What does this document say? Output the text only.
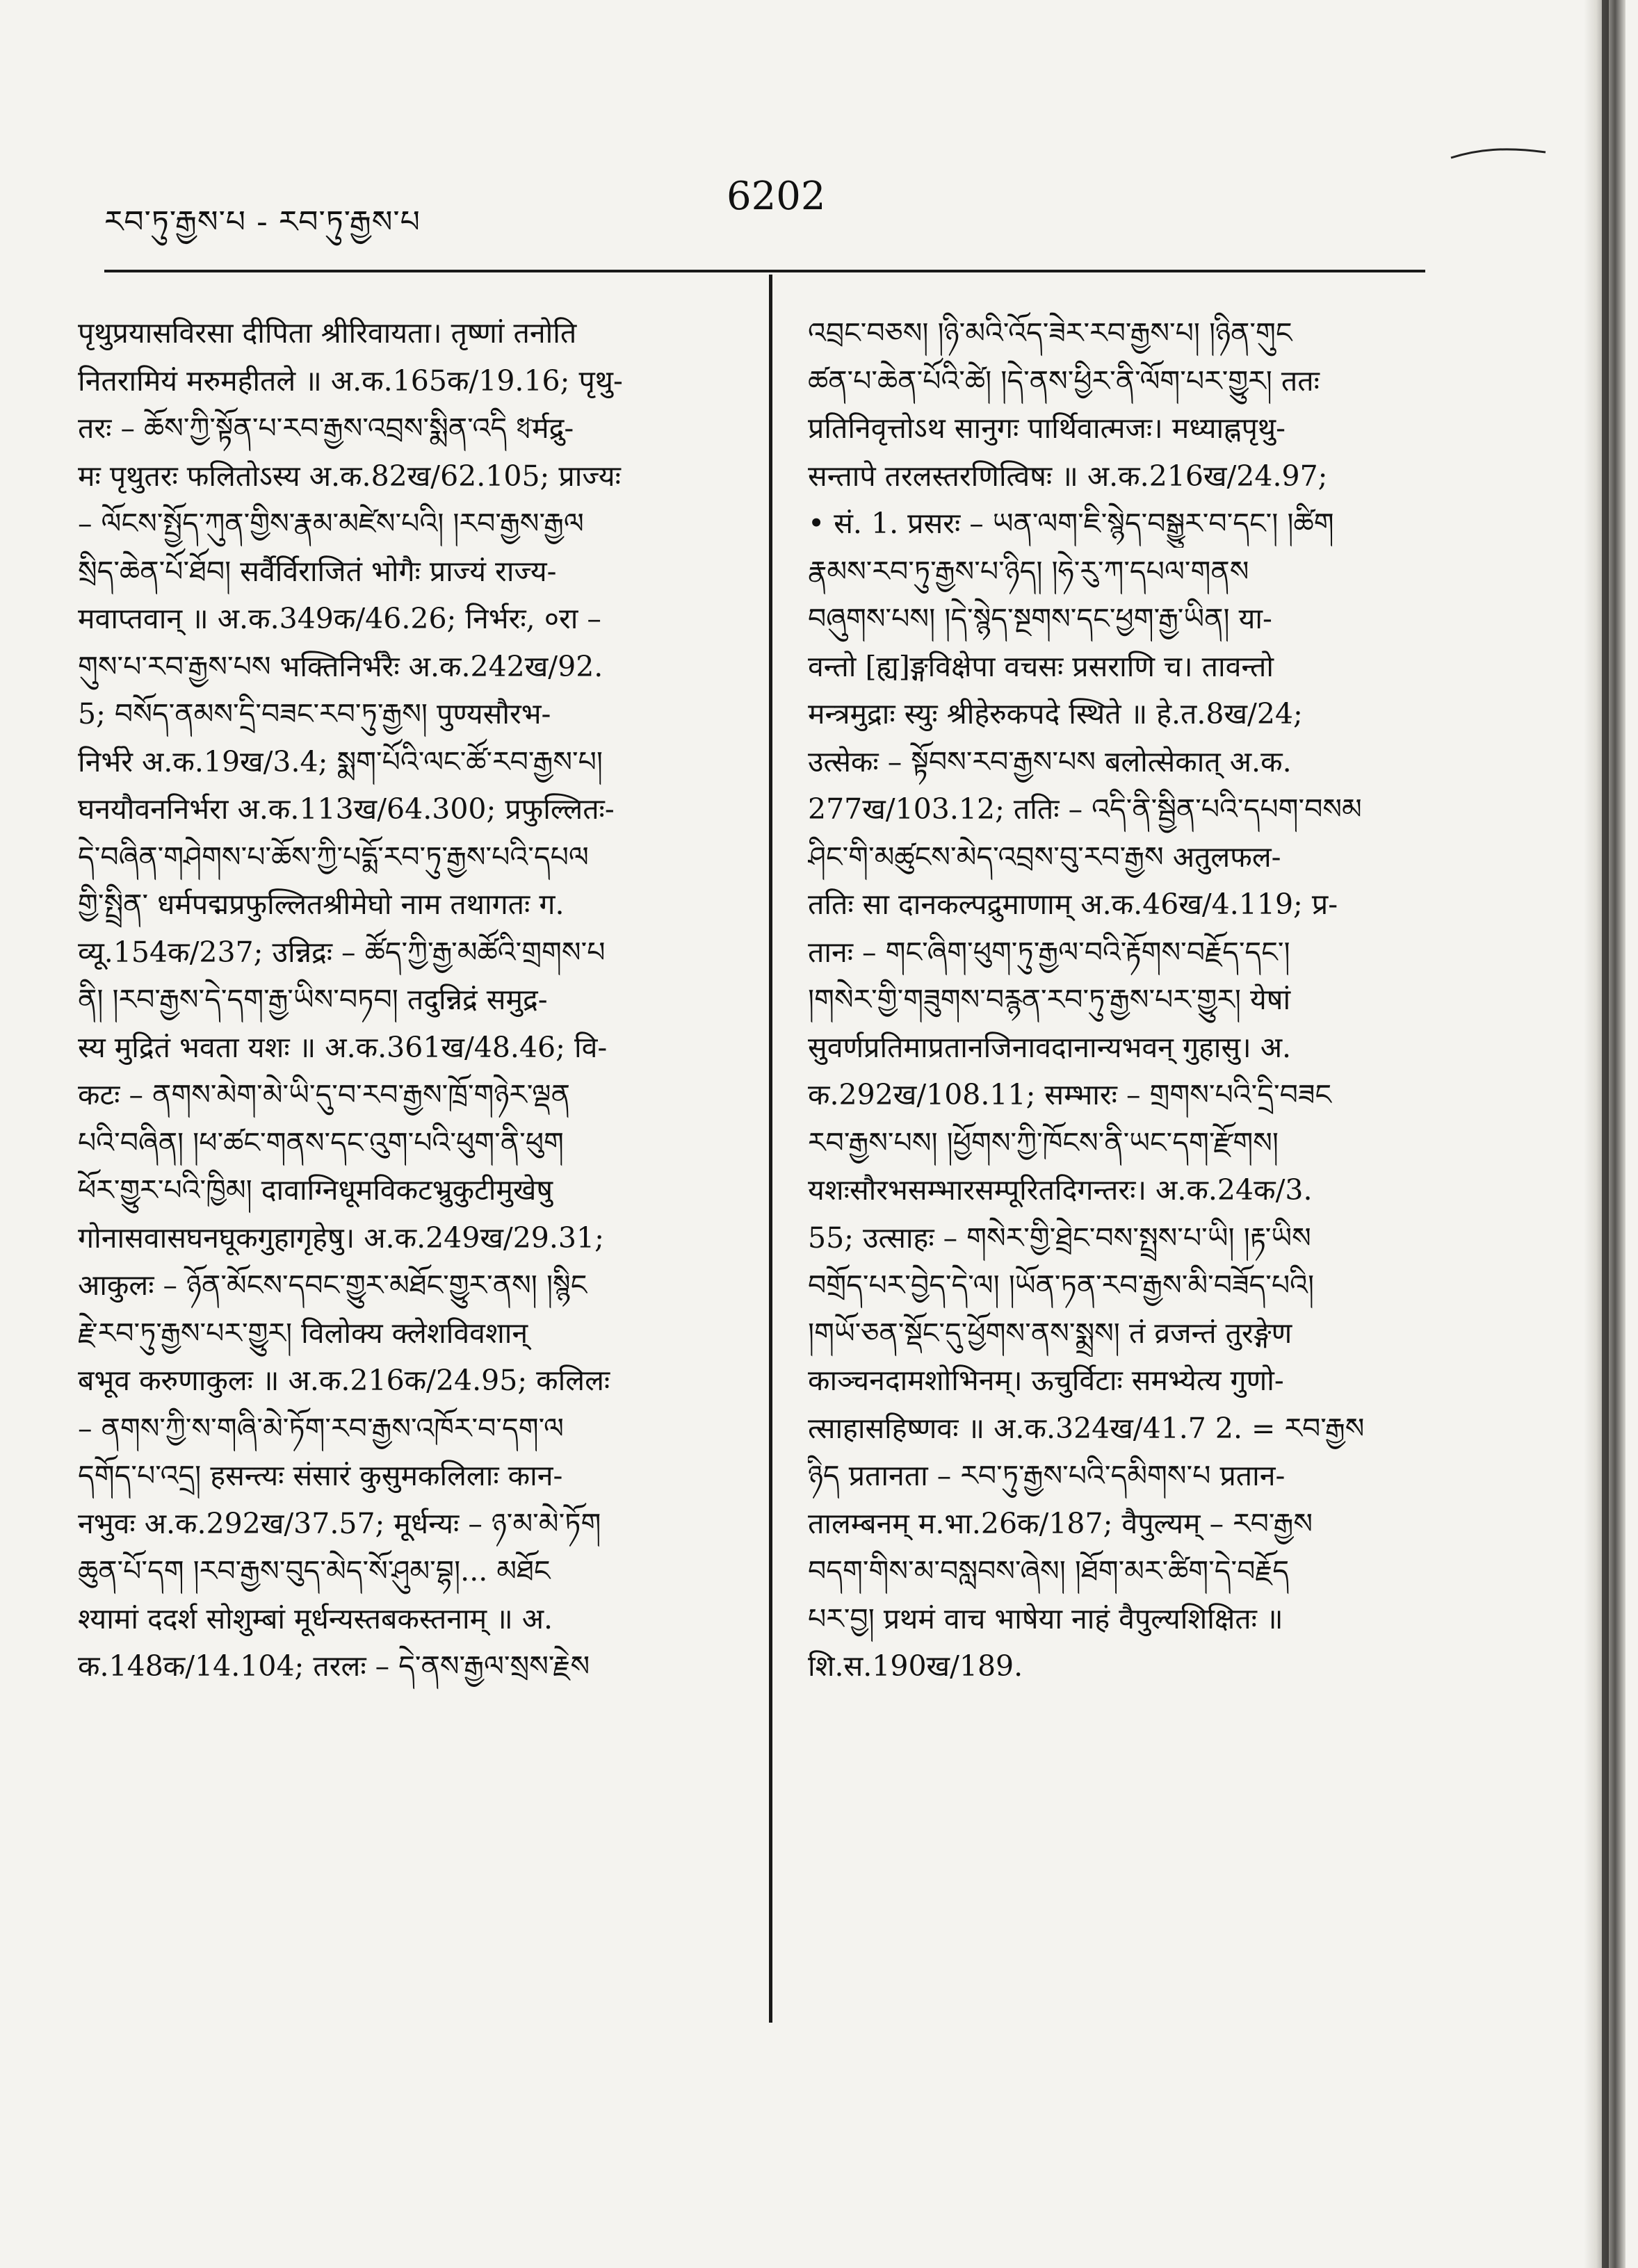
རབ་ཏུ་རྒྱས་པ - རབ་ཏུ་རྒྱས་པ
6202
पृथुप्रयासविरसा दीपिता श्रीरिवायता। तृष्णां तनोति
नितरामियं मरुमहीतले ॥ अ.क.165क/19.16; पृथु-
तरः – ཆོས་ཀྱི་སྟོན་པ་རབ་རྒྱས་འབྲས་སྨིན་འདི ধर्मद्रु-
मः पृथुतरः फलितोऽस्य अ.क.82ख/62.105; प्राज्यः
– ལོངས་སྤྱོད་ཀུན་གྱིས་རྣམ་མཛེས་པའི། །རབ་རྒྱས་རྒྱལ
སྲིད་ཆེན་པོ་ཐོབ། सर्वैर्विराजितं भोगैः प्राज्यं राज्य-
मवाप्तवान् ॥ अ.क.349क/46.26; निर्भरः, ०रा –
གུས་པ་རབ་རྒྱས་པས भक्तिनिर्भरैः अ.क.242ख/92.
5; བསོད་ནམས་དྲི་བཟང་རབ་ཏུ་རྒྱས། पुण्यसौरभ-
निर्भरे अ.क.19ख/3.4; སྨག་པོའི་ལང་ཚོ་རབ་རྒྱས་པ།
घनयौवननिर्भरा अ.क.113ख/64.300; प्रफुल्लितः-
དེ་བཞིན་གཤེགས་པ་ཆོས་ཀྱི་པདྨོ་རབ་ཏུ་རྒྱས་པའི་དཔལ
གྱི་སྤྲིན་ धर्मपद्मप्रफुल्लितश्रीमेघो नाम तथागतः ग.
व्यू.154क/237; उन्निद्रः – ཚོད་ཀྱི་རྒྱ་མཚོའི་གྲགས་པ
ནི། །རབ་རྒྱས་དེ་དག་རྒྱ་ཡིས་བཏབ། तदुन्निद्रं समुद्र-
स्य मुद्रितं भवता यशः ॥ अ.क.361ख/48.46; वि-
कटः – ནགས་མེག་མེ་ཡི་དུ་བ་རབ་རྒྱས་ཁྲོ་གཉེར་ལྡན
པའི་བཞིན། །ཕ་ཚང་གནས་དང་འུག་པའི་ཕུག་ནི་ཕུག
ཕོར་གྱུར་པའི་ཁྱིམ། दावाग्निधूमविकटभ्रुकुटीमुखेषु
गोनासवासघनघूकगुहागृहेषु। अ.क.249ख/29.31;
आकुलः – ཉོན་མོངས་དབང་གྱུར་མཐོང་གྱུར་ནས། །སྙིང
རྗེ་རབ་ཏུ་རྒྱས་པར་གྱུར། विलोक्य क्लेशविवशान्
बभूव करुणाकुलः ॥ अ.क.216क/24.95; कलिलः
– ནགས་ཀྱི་ས་གཞི་མེ་ཏོག་རབ་རྒྱས་འཁོར་བ་དག་ལ
དགོད་པ་འདྲ། हसन्त्यः संसारं कुसुमकलिलाः कान-
नभुवः अ.क.292ख/37.57; मूर्धन्यः – ཉ་མ་མེ་ཏོག
ཆུན་པོ་དག །རབ་རྒྱས་བུད་མེད་སོ་ཤུམ་བྷ།... མཐོང
श्यामां ददर्श सोशुम्बां मूर्धन्यस्तबकस्तनाम् ॥ अ.
क.148क/14.104; तरलः – དེ་ནས་རྒྱལ་སྲས་རྗེས
འབྲང་བཅས། །ཉི་མའི་འོད་ཟེར་རབ་རྒྱས་པ། །ཉིན་གུང
ཚན་པ་ཆེན་པོའི་ཚེ། །དེ་ནས་ཕྱིར་ནི་ལོག་པར་གྱུར། ततः
प्रतिनिवृत्तोऽथ सानुगः पार्थिवात्मजः। मध्याह्नपृथु-
सन्तापे तरलस्तरणित्विषः ॥ अ.क.216ख/24.97;
• सं. 1. प्रसरः – ཡན་ལག་ཇི་སྙེད་བསྒྱུར་བ་དང་། །ཚིག
རྣམས་རབ་ཏུ་རྒྱས་པ་ཉིད། །ཧེ་རུ་ཀ་དཔལ་གནས
བཞུགས་པས། །དེ་སྙེད་སྔགས་དང་ཕྱག་རྒྱ་ཡིན། या-
वन्तो [ह्य]ङ्गविक्षेपा वचसः प्रसराणि च। तावन्तो
मन्त्रमुद्राः स्युः श्रीहेरुकपदे स्थिते ॥ हे.त.8ख/24;
उत्सेकः – སྟོབས་རབ་རྒྱས་པས बलोत्सेकात् अ.क.
277ख/103.12; ततिः – འདི་ནི་སྦྱིན་པའི་དཔག་བསམ
ཤིང་གི་མཚུངས་མེད་འབྲས་བུ་རབ་རྒྱས अतुलफल-
ततिः सा दानकल्पद्रुमाणाम् अ.क.46ख/4.119; प्र-
तानः – གང་ཞིག་ཕུག་ཏུ་རྒྱལ་བའི་རྟོགས་བརྗོད་དང་།
།གསེར་གྱི་གཟུགས་བརྙན་རབ་ཏུ་རྒྱས་པར་གྱུར། येषां
सुवर्णप्रतिमाप्रतानजिनावदानान्यभवन् गुहासु। अ.
क.292ख/108.11; सम्भारः – གྲགས་པའི་དྲི་བཟང
རབ་རྒྱས་པས། །ཕྱོགས་ཀྱི་ཁོངས་ནི་ཡང་དག་རྫོགས།
यशःसौरभसम्भारसम्पूरितदिगन्तरः। अ.क.24क/3.
55; उत्साहः – གསེར་གྱི་ཐྲེང་བས་སྤྲས་པ་ཡི། །རྟ་ཡིས
བགྲོད་པར་བྱེད་དེ་ལ། །ཡོན་ཏན་རབ་རྒྱས་མི་བཟོད་པའི།
།གཡོ་ཅན་སྡོང་དུ་ཕྱོགས་ནས་སྨྲས། तं व्रजन्तं तुरङ्गेण
काञ्चनदामशोभिनम्। ऊचुर्विटाः समभ्येत्य गुणो-
त्साहासहिष्णवः ॥ अ.क.324ख/41.7 2. = རབ་རྒྱས
ཉིད प्रतानता – རབ་ཏུ་རྒྱས་པའི་དམིགས་པ प्रतान-
तालम्बनम् म.भा.26क/187; वैपुल्यम् – རབ་རྒྱས
བདག་གིས་མ་བསླབས་ཞེས། །ཐོག་མར་ཚིག་དེ་བརྗོད
པར་བྱ། प्रथमं वाच भाषेया नाहं वैपुल्यशिक्षितः ॥
शि.स.190ख/189.
